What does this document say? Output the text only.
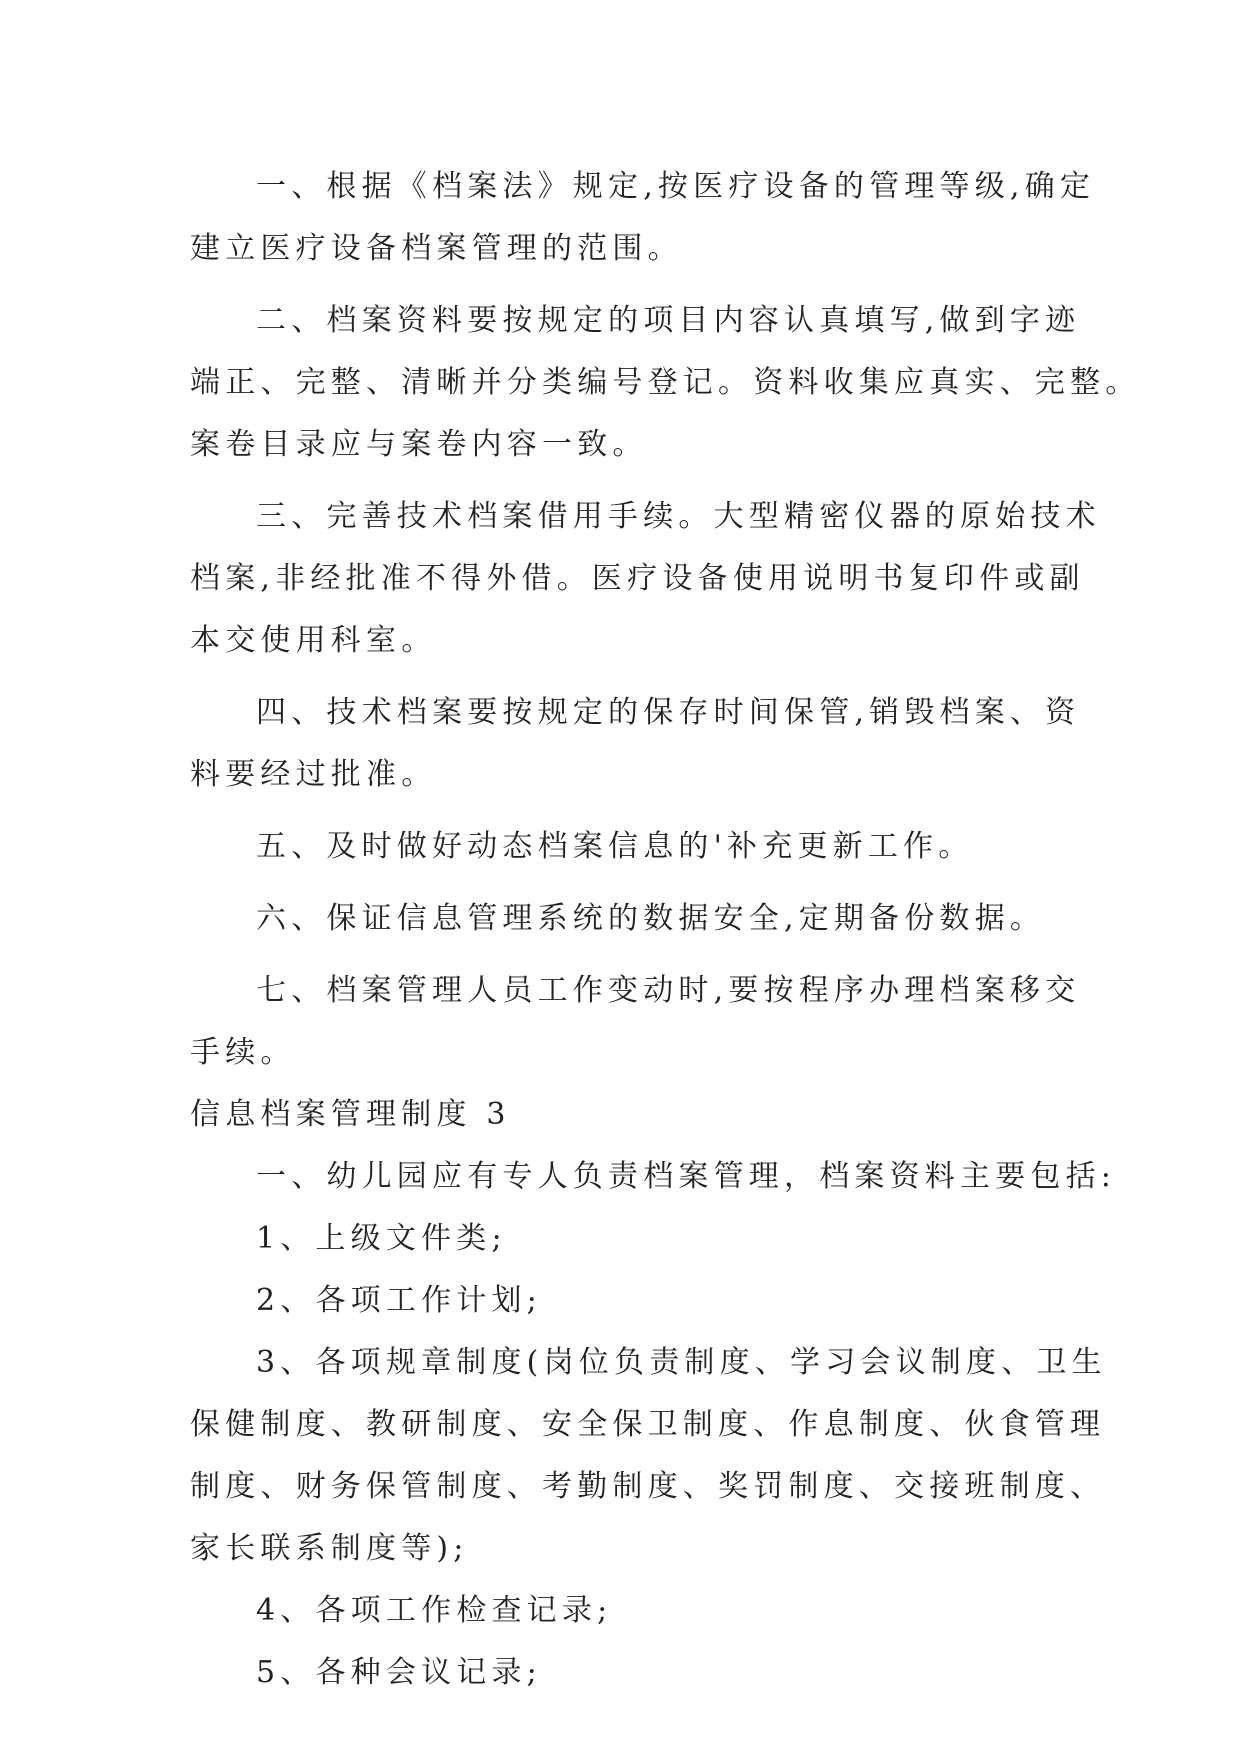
一、根据《档案法》规定,按医疗设备的管理等级,确定
建立医疗设备档案管理的范围。
二、档案资料要按规定的项目内容认真填写,做到字迹
端正、完整、清晰并分类编号登记。资料收集应真实、完整。
案卷目录应与案卷内容一致。
三、完善技术档案借用手续。大型精密仪器的原始技术
档案,非经批准不得外借。医疗设备使用说明书复印件或副
本交使用科室。
四、技术档案要按规定的保存时间保管,销毁档案、资
料要经过批准。
五、及时做好动态档案信息的'补充更新工作。
六、保证信息管理系统的数据安全,定期备份数据。
七、档案管理人员工作变动时,要按程序办理档案移交
手续。
信息档案管理制度 3
一、幼儿园应有专人负责档案管理，档案资料主要包括:
1、上级文件类;
2、各项工作计划;
3、各项规章制度(岗位负责制度、学习会议制度、卫生
保健制度、教研制度、安全保卫制度、作息制度、伙食管理
制度、财务保管制度、考勤制度、奖罚制度、交接班制度、
家长联系制度等);
4、各项工作检查记录;
5、各种会议记录;
